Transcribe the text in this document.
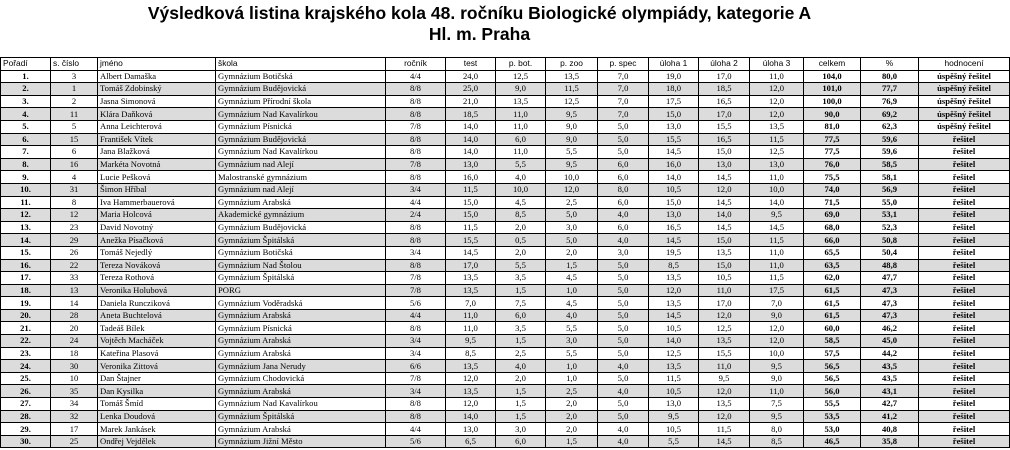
Výsledková listina krajského kola 48. ročníku Biologické olympiády, kategorie A
Hl. m. Praha
Pořadí	s. číslo	jméno	škola	ročník	test	p. bot.	p. zoo	p. spec	úloha 1	úloha 2	úloha 3	celkem	%	hodnocení
1.	3	Albert Damaška	Gymnázium Botičská	4/4	24,0	12,5	13,5	7,0	19,0	17,0	11,0	104,0	80,0	úspěšný řešitel
2.	1	Tomáš Zdobinský	Gymnázium Budějovická	8/8	25,0	9,0	11,5	7,0	18,0	18,5	12,0	101,0	77,7	úspěšný řešitel
3.	2	Jasna Simonová	Gymnázium Přírodní škola	8/8	21,0	13,5	12,5	7,0	17,5	16,5	12,0	100,0	76,9	úspěšný řešitel
4.	11	Klára Daňková	Gymnázium Nad Kavalírkou	8/8	18,5	11,0	9,5	7,0	15,0	17,0	12,0	90,0	69,2	úspěšný řešitel
5.	5	Anna Leichterová	Gymnázium Písnická	7/8	14,0	11,0	9,0	5,0	13,0	15,5	13,5	81,0	62,3	úspěšný řešitel
6.	15	František Vítek	Gymnázium Budějovická	8/8	14,0	6,0	9,0	5,0	15,5	16,5	11,5	77,5	59,6	řešitel
7.	6	Jana Blažková	Gymnázium Nad Kavalírkou	8/8	14,0	11,0	5,5	5,0	14,5	15,0	12,5	77,5	59,6	řešitel
8.	16	Markéta Novotná	Gymnázium nad Alejí	7/8	13,0	5,5	9,5	6,0	16,0	13,0	13,0	76,0	58,5	řešitel
9.	4	Lucie Pešková	Malostranské gymnázium	8/8	16,0	4,0	10,0	6,0	14,0	14,5	11,0	75,5	58,1	řešitel
10.	31	Šimon Hříbal	Gymnázium nad Alejí	3/4	11,5	10,0	12,0	8,0	10,5	12,0	10,0	74,0	56,9	řešitel
11.	8	Iva Hammerbauerová	Gymnázium Arabská	4/4	15,0	4,5	2,5	6,0	15,0	14,5	14,0	71,5	55,0	řešitel
12.	12	Maria Holcová	Akademické gymnázium	2/4	15,0	8,5	5,0	4,0	13,0	14,0	9,5	69,0	53,1	řešitel
13.	23	David Novotný	Gymnázium Budějovická	8/8	11,5	2,0	3,0	6,0	16,5	14,5	14,5	68,0	52,3	řešitel
14.	29	Anežka Písačková	Gymnázium Špitálská	8/8	15,5	0,5	5,0	4,0	14,5	15,0	11,5	66,0	50,8	řešitel
15.	26	Tomáš Nejedlý	Gymnázium Botičská	3/4	14,5	2,0	2,0	3,0	19,5	13,5	11,0	65,5	50,4	řešitel
16.	22	Tereza Nováková	Gymnázium Nad Štolou	8/8	17,0	5,5	1,5	5,0	8,5	15,0	11,0	63,5	48,8	řešitel
17.	33	Tereza Rothová	Gymnázium Špitálská	7/8	13,5	3,5	4,5	5,0	13,5	10,5	11,5	62,0	47,7	řešitel
18.	13	Veronika Holubová	PORG	7/8	13,5	1,5	1,0	5,0	12,0	11,0	17,5	61,5	47,3	řešitel
19.	14	Daniela Runcziková	Gymnázium Voděradská	5/6	7,0	7,5	4,5	5,0	13,5	17,0	7,0	61,5	47,3	řešitel
20.	28	Aneta Buchtelová	Gymnázium Arabská	4/4	11,0	6,0	4,0	5,0	14,5	12,0	9,0	61,5	47,3	řešitel
21.	20	Tadeáš Bílek	Gymnázium Písnická	8/8	11,0	3,5	5,5	5,0	10,5	12,5	12,0	60,0	46,2	řešitel
22.	24	Vojtěch Macháček	Gymnázium Arabská	3/4	9,5	1,5	3,0	5,0	14,0	13,5	12,0	58,5	45,0	řešitel
23.	18	Kateřina Plasová	Gymnázium Arabská	3/4	8,5	2,5	5,5	5,0	12,5	15,5	10,0	57,5	44,2	řešitel
24.	30	Veronika Zittová	Gymnázium Jana Nerudy	6/6	13,5	4,0	1,0	4,0	13,5	11,0	9,5	56,5	43,5	řešitel
25.	10	Dan Štajner	Gymnázium Chodovická	7/8	12,0	2,0	1,0	5,0	11,5	9,5	9,0	56,5	43,5	řešitel
26.	35	Dan Kysilka	Gymnázium Arabská	3/4	13,5	1,5	2,5	4,0	10,5	12,0	11,0	56,0	43,1	řešitel
27.	34	Tomáš Šmíd	Gymnázium Nad Kavalírkou	8/8	12,0	1,5	2,0	5,0	13,0	13,5	7,5	55,5	42,7	řešitel
28.	32	Lenka Doudová	Gymnázium Špitálská	8/8	14,0	1,5	2,0	5,0	9,5	12,0	9,5	53,5	41,2	řešitel
29.	17	Marek Jankásek	Gymnázium Arabská	4/4	13,0	3,0	2,0	4,0	10,5	11,5	8,0	53,0	40,8	řešitel
30.	25	Ondřej Vejdělek	Gymnázium Jižní Město	5/6	6,5	6,0	1,5	4,0	5,5	14,5	8,5	46,5	35,8	řešitel
